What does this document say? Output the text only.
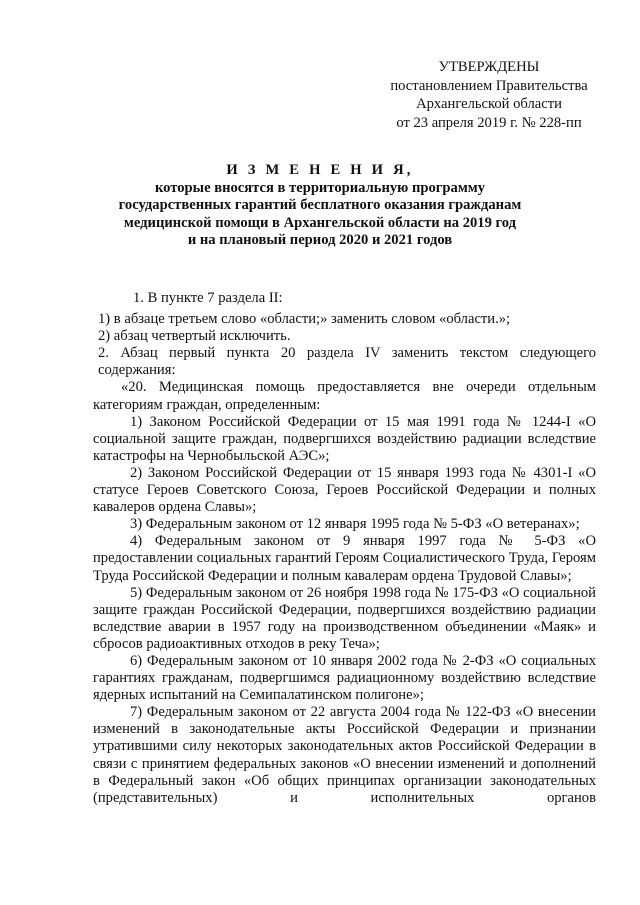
УТВЕРЖДЕНЫ
постановлением Правительства
Архангельской области
от 23 апреля 2019 г. № 228-пп
И З М Е Н Е Н И Я,
которые вносятся в территориальную программу
государственных гарантий бесплатного оказания гражданам
медицинской помощи в Архангельской области на 2019 год
и на плановый период 2020 и 2021 годов

1. В пункте 7 раздела II:

1) в абзаце третьем слово «области;» заменить словом «области.»;

2) абзац четвертый исключить.

2. Абзац первый пункта 20 раздела IV заменить текстом следующего содержания:

«20. Медицинская помощь предоставляется вне очереди отдельным категориям граждан, определенным:

1) Законом Российской Федерации от 15 мая 1991 года № 1244-I «О социальной защите граждан, подвергшихся воздействию радиации вследствие катастрофы на Чернобыльской АЭС»;

2) Законом Российской Федерации от 15 января 1993 года № 4301-I «О статусе Героев Советского Союза, Героев Российской Федерации и полных кавалеров ордена Славы»;

3) Федеральным законом от 12 января 1995 года № 5-ФЗ «О ветеранах»;

4) Федеральным законом от 9 января 1997 года № 5-ФЗ «О предоставлении социальных гарантий Героям Социалистического Труда, Героям Труда Российской Федерации и полным кавалерам ордена Трудовой Славы»;

5) Федеральным законом от 26 ноября 1998 года № 175-ФЗ «О социальной защите граждан Российской Федерации, подвергшихся воздействию радиации вследствие аварии в 1957 году на производственном объединении «Маяк» и сбросов радиоактивных отходов в реку Теча»;

6) Федеральным законом от 10 января 2002 года № 2-ФЗ «О социальных гарантиях гражданам, подвергшимся радиационному воздействию вследствие ядерных испытаний на Семипалатинском полигоне»;

7) Федеральным законом от 22 августа 2004 года № 122-ФЗ «О внесении изменений в законодательные акты Российской Федерации и признании утратившими силу некоторых законодательных актов Российской Федерации в связи с принятием федеральных законов «О внесении изменений и дополнений в Федеральный закон «Об общих принципах организации законодательных (представительных) и исполнительных органов
